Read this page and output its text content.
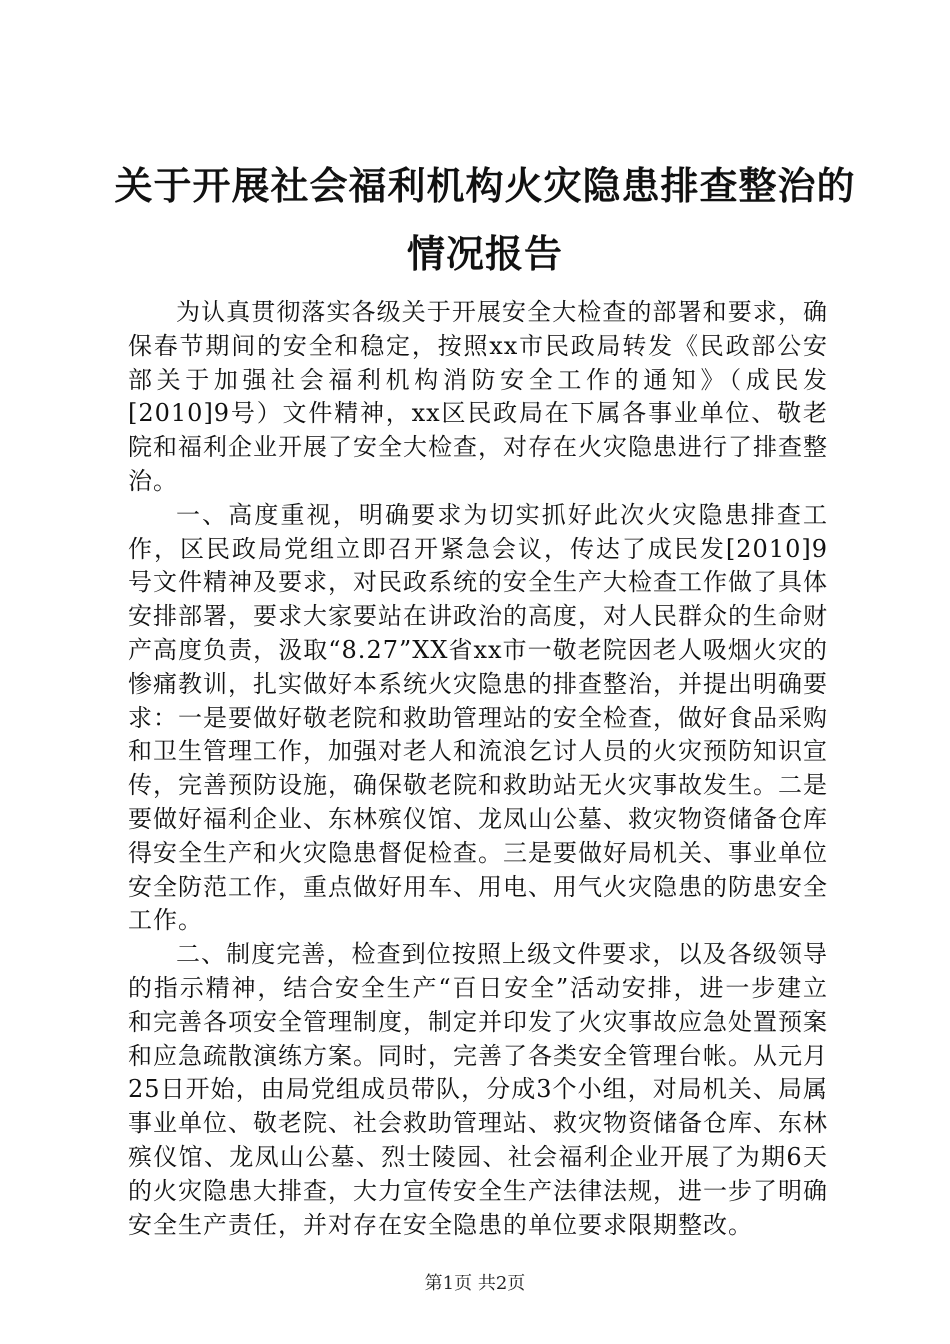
关于开展社会福利机构火灾隐患排查整治的情况报告

为认真贯彻落实各级关于开展安全大检查的部署和要求，确保春节期间的安全和稳定，按照xx市民政局转发《民政部公安部关于加强社会福利机构消防安全工作的通知》（成民发[2010]9号）文件精神，xx区民政局在下属各事业单位、敬老院和福利企业开展了安全大检查，对存在火灾隐患进行了排查整治。

一、高度重视，明确要求为切实抓好此次火灾隐患排查工作，区民政局党组立即召开紧急会议，传达了成民发[2010]9号文件精神及要求，对民政系统的安全生产大检查工作做了具体安排部署，要求大家要站在讲政治的高度，对人民群众的生命财产高度负责，汲取“8.27”XX省xx市一敬老院因老人吸烟火灾的惨痛教训，扎实做好本系统火灾隐患的排查整治，并提出明确要求：一是要做好敬老院和救助管理站的安全检查，做好食品采购和卫生管理工作，加强对老人和流浪乞讨人员的火灾预防知识宣传，完善预防设施，确保敬老院和救助站无火灾事故发生。二是要做好福利企业、东林殡仪馆、龙凤山公墓、救灾物资储备仓库得安全生产和火灾隐患督促检查。三是要做好局机关、事业单位安全防范工作，重点做好用车、用电、用气火灾隐患的防患安全工作。

二、制度完善，检查到位按照上级文件要求，以及各级领导的指示精神，结合安全生产“百日安全”活动安排，进一步建立和完善各项安全管理制度，制定并印发了火灾事故应急处置预案和应急疏散演练方案。同时，完善了各类安全管理台帐。从元月25日开始，由局党组成员带队，分成3个小组，对局机关、局属事业单位、敬老院、社会救助管理站、救灾物资储备仓库、东林殡仪馆、龙凤山公墓、烈士陵园、社会福利企业开展了为期6天的火灾隐患大排查，大力宣传安全生产法律法规，进一步了明确安全生产责任，并对存在安全隐患的单位要求限期整改。

第1页 共2页
